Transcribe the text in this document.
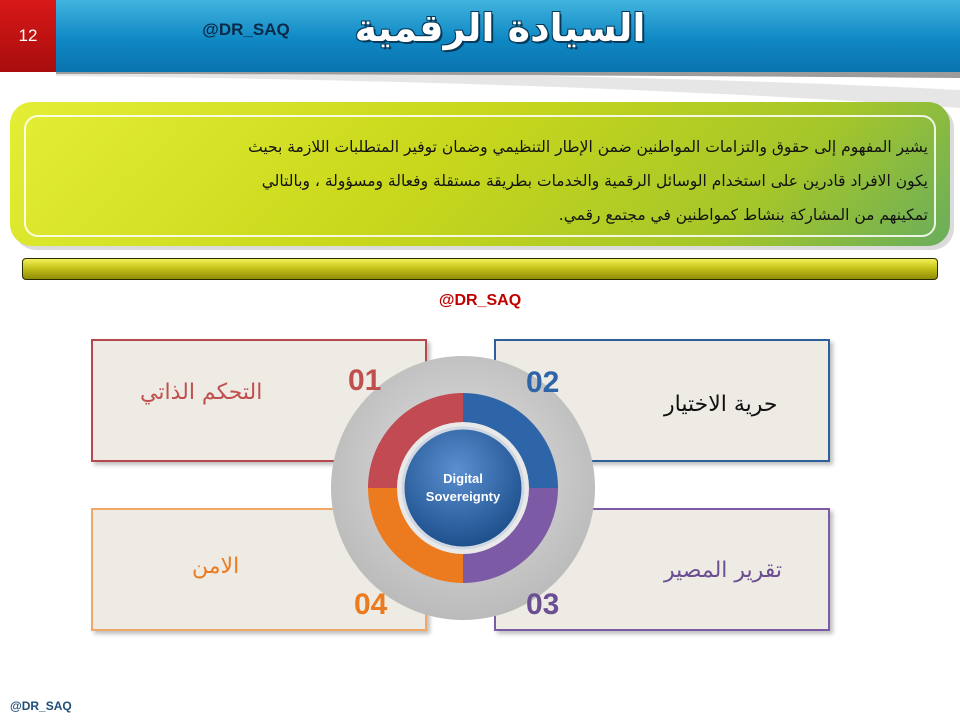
12	@DR_SAQ	السيادة الرقمية
يشير المفهوم إلى حقوق والتزامات المواطنين ضمن الإطار التنظيمي وضمان توفير المتطلبات اللازمة بحيث
يكون الافراد قادرين على استخدام الوسائل الرقمية والخدمات بطريقة مستقلة وفعالة ومسؤولة ، وبالتالي
تمكينهم من المشاركة بنشاط كمواطنين في مجتمع رقمي.
@DR_SAQ
Digital
Sovereignty
01
التحكم الذاتي	02
حرية الاختيار
03
تقرير المصير
04
الامن
@DR_SAQ
